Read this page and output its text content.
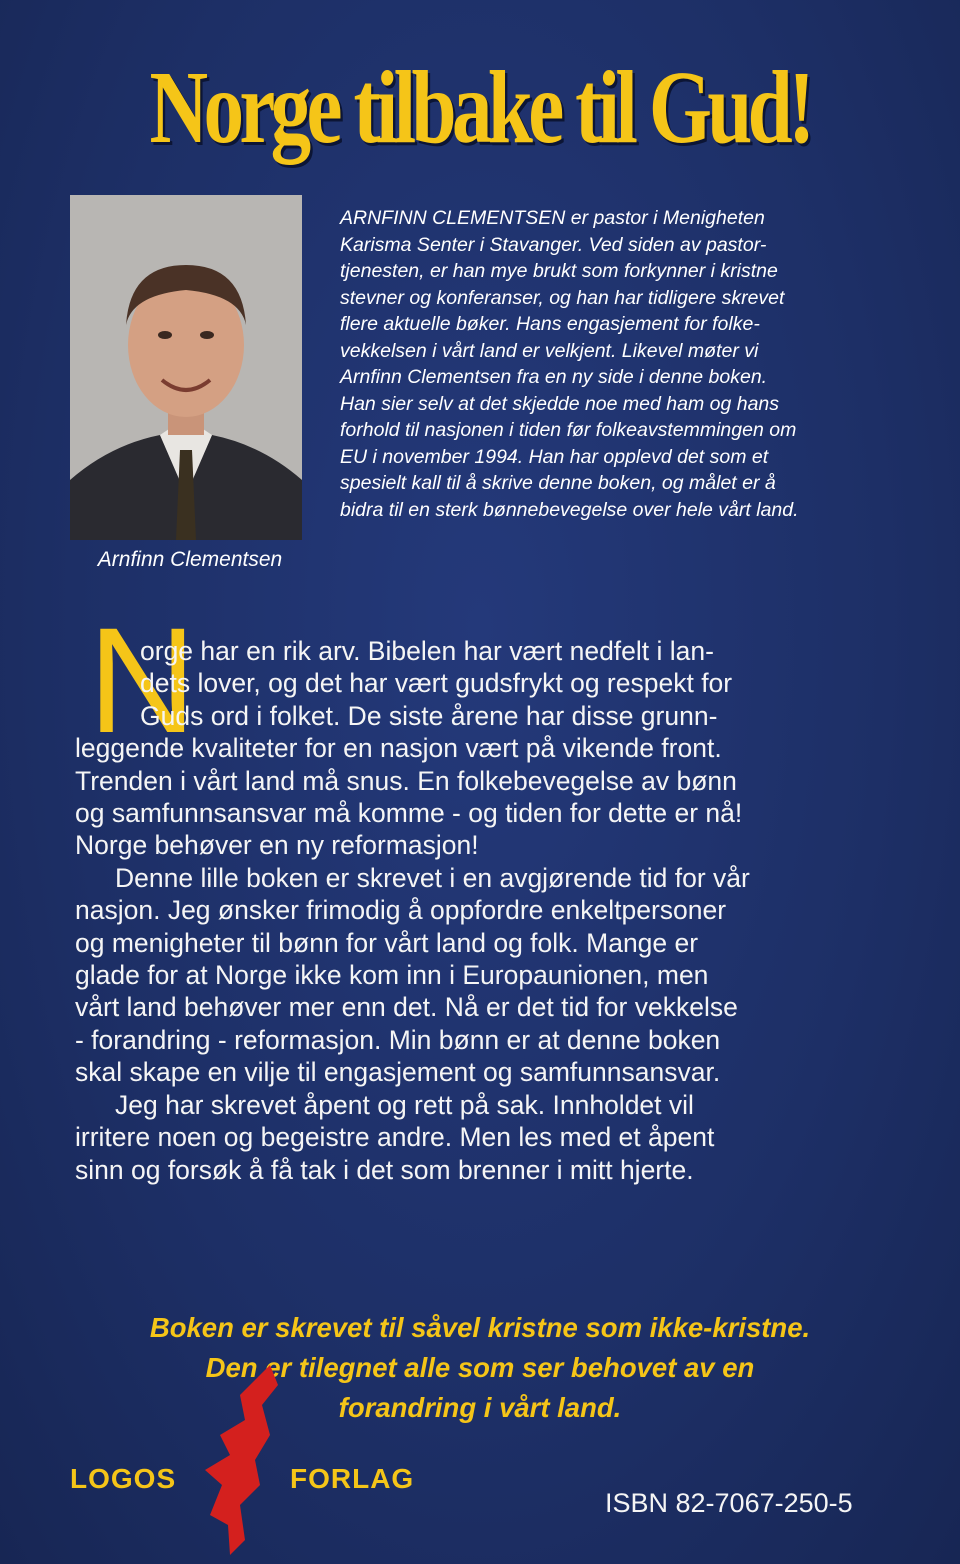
Norge tilbake til Gud!
Arnfinn Clementsen

ARNFINN CLEMENTSEN er pastor i Menigheten

Karisma Senter i Stavanger. Ved siden av pastor-

tjenesten, er han mye brukt som forkynner i kristne

stevner og konferanser, og han har tidligere skrevet

flere aktuelle bøker. Hans engasjement for folke-

vekkelsen i vårt land er velkjent. Likevel møter vi

Arnfinn Clementsen fra en ny side i denne boken.

Han sier selv at det skjedde noe med ham og hans

forhold til nasjonen i tiden før folkeavstemmingen om

EU i november 1994. Han har opplevd det som et

spesielt kall til å skrive denne boken, og målet er å

bidra til en sterk bønnebevegelse over hele vårt land.

N

orge har en rik arv. Bibelen har vært nedfelt i lan-

dets lover, og det har vært gudsfrykt og respekt for

Guds ord i folket. De siste årene har disse grunn-

leggende kvaliteter for en nasjon vært på vikende front.

Trenden i vårt land må snus. En folkebevegelse av bønn

og samfunnsansvar må komme - og tiden for dette er nå!

Norge behøver en ny reformasjon!

Denne lille boken er skrevet i en avgjørende tid for vår

nasjon. Jeg ønsker frimodig å oppfordre enkeltpersoner

og menigheter til bønn for vårt land og folk. Mange er

glade for at Norge ikke kom inn i Europaunionen, men

vårt land behøver mer enn det. Nå er det tid for vekkelse

- forandring - reformasjon. Min bønn er at denne boken

skal skape en vilje til engasjement og samfunnsansvar.

Jeg har skrevet åpent og rett på sak. Innholdet vil

irritere noen og begeistre andre. Men les med et åpent

sinn og forsøk å få tak i det som brenner i mitt hjerte.

Boken er skrevet til såvel kristne som ikke-kristne.
Den er tilegnet alle som ser behovet av en
forandring i vårt land.
LOGOS	FORLAG
ISBN 82-7067-250-5
